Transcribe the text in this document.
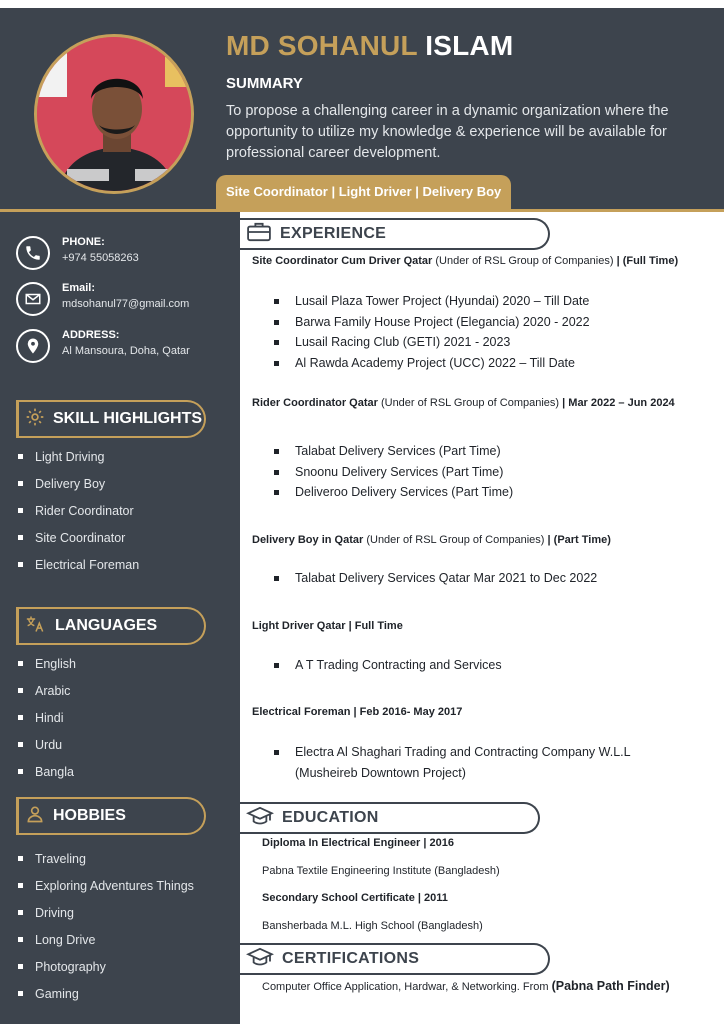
MD SOHANUL ISLAM
SUMMARY
To propose a challenging career in a dynamic organization where the opportunity to utilize my knowledge & experience will be available for professional career development.
Site Coordinator | Light Driver | Delivery Boy
PHONE:
+974 55058263
Email:
mdsohanul77@gmail.com
ADDRESS:
Al Mansoura, Doha, Qatar
SKILL HIGHLIGHTS
Light Driving
Delivery Boy
Rider Coordinator
Site Coordinator
Electrical Foreman
LANGUAGES
English
Arabic
Hindi
Urdu
Bangla
HOBBIES
Traveling
Exploring Adventures Things
Driving
Long Drive
Photography
Gaming
EXPERIENCE
Site Coordinator Cum Driver Qatar (Under of RSL Group of Companies) | (Full Time)
Lusail Plaza Tower Project (Hyundai) 2020 – Till Date
Barwa Family House Project (Elegancia) 2020 - 2022
Lusail Racing Club (GETI) 2021 - 2023
Al Rawda Academy Project (UCC) 2022 – Till Date
Rider Coordinator Qatar (Under of RSL Group of Companies) | Mar 2022 – Jun 2024
Talabat Delivery Services (Part Time)
Snoonu Delivery Services (Part Time)
Deliveroo Delivery Services (Part Time)
Delivery Boy in Qatar (Under of RSL Group of Companies) | (Part Time)
Talabat Delivery Services Qatar Mar 2021 to Dec 2022
Light Driver Qatar | Full Time
A T Trading Contracting and Services
Electrical Foreman | Feb 2016- May 2017
Electra Al Shaghari Trading and Contracting Company W.L.L (Musheireb Downtown Project)
EDUCATION
Diploma In Electrical Engineer | 2016
Pabna Textile Engineering Institute (Bangladesh)
Secondary School Certificate | 2011
Bansherbada M.L. High School (Bangladesh)
CERTIFICATIONS
Computer Office Application, Hardwar, & Networking. From (Pabna Path Finder)
